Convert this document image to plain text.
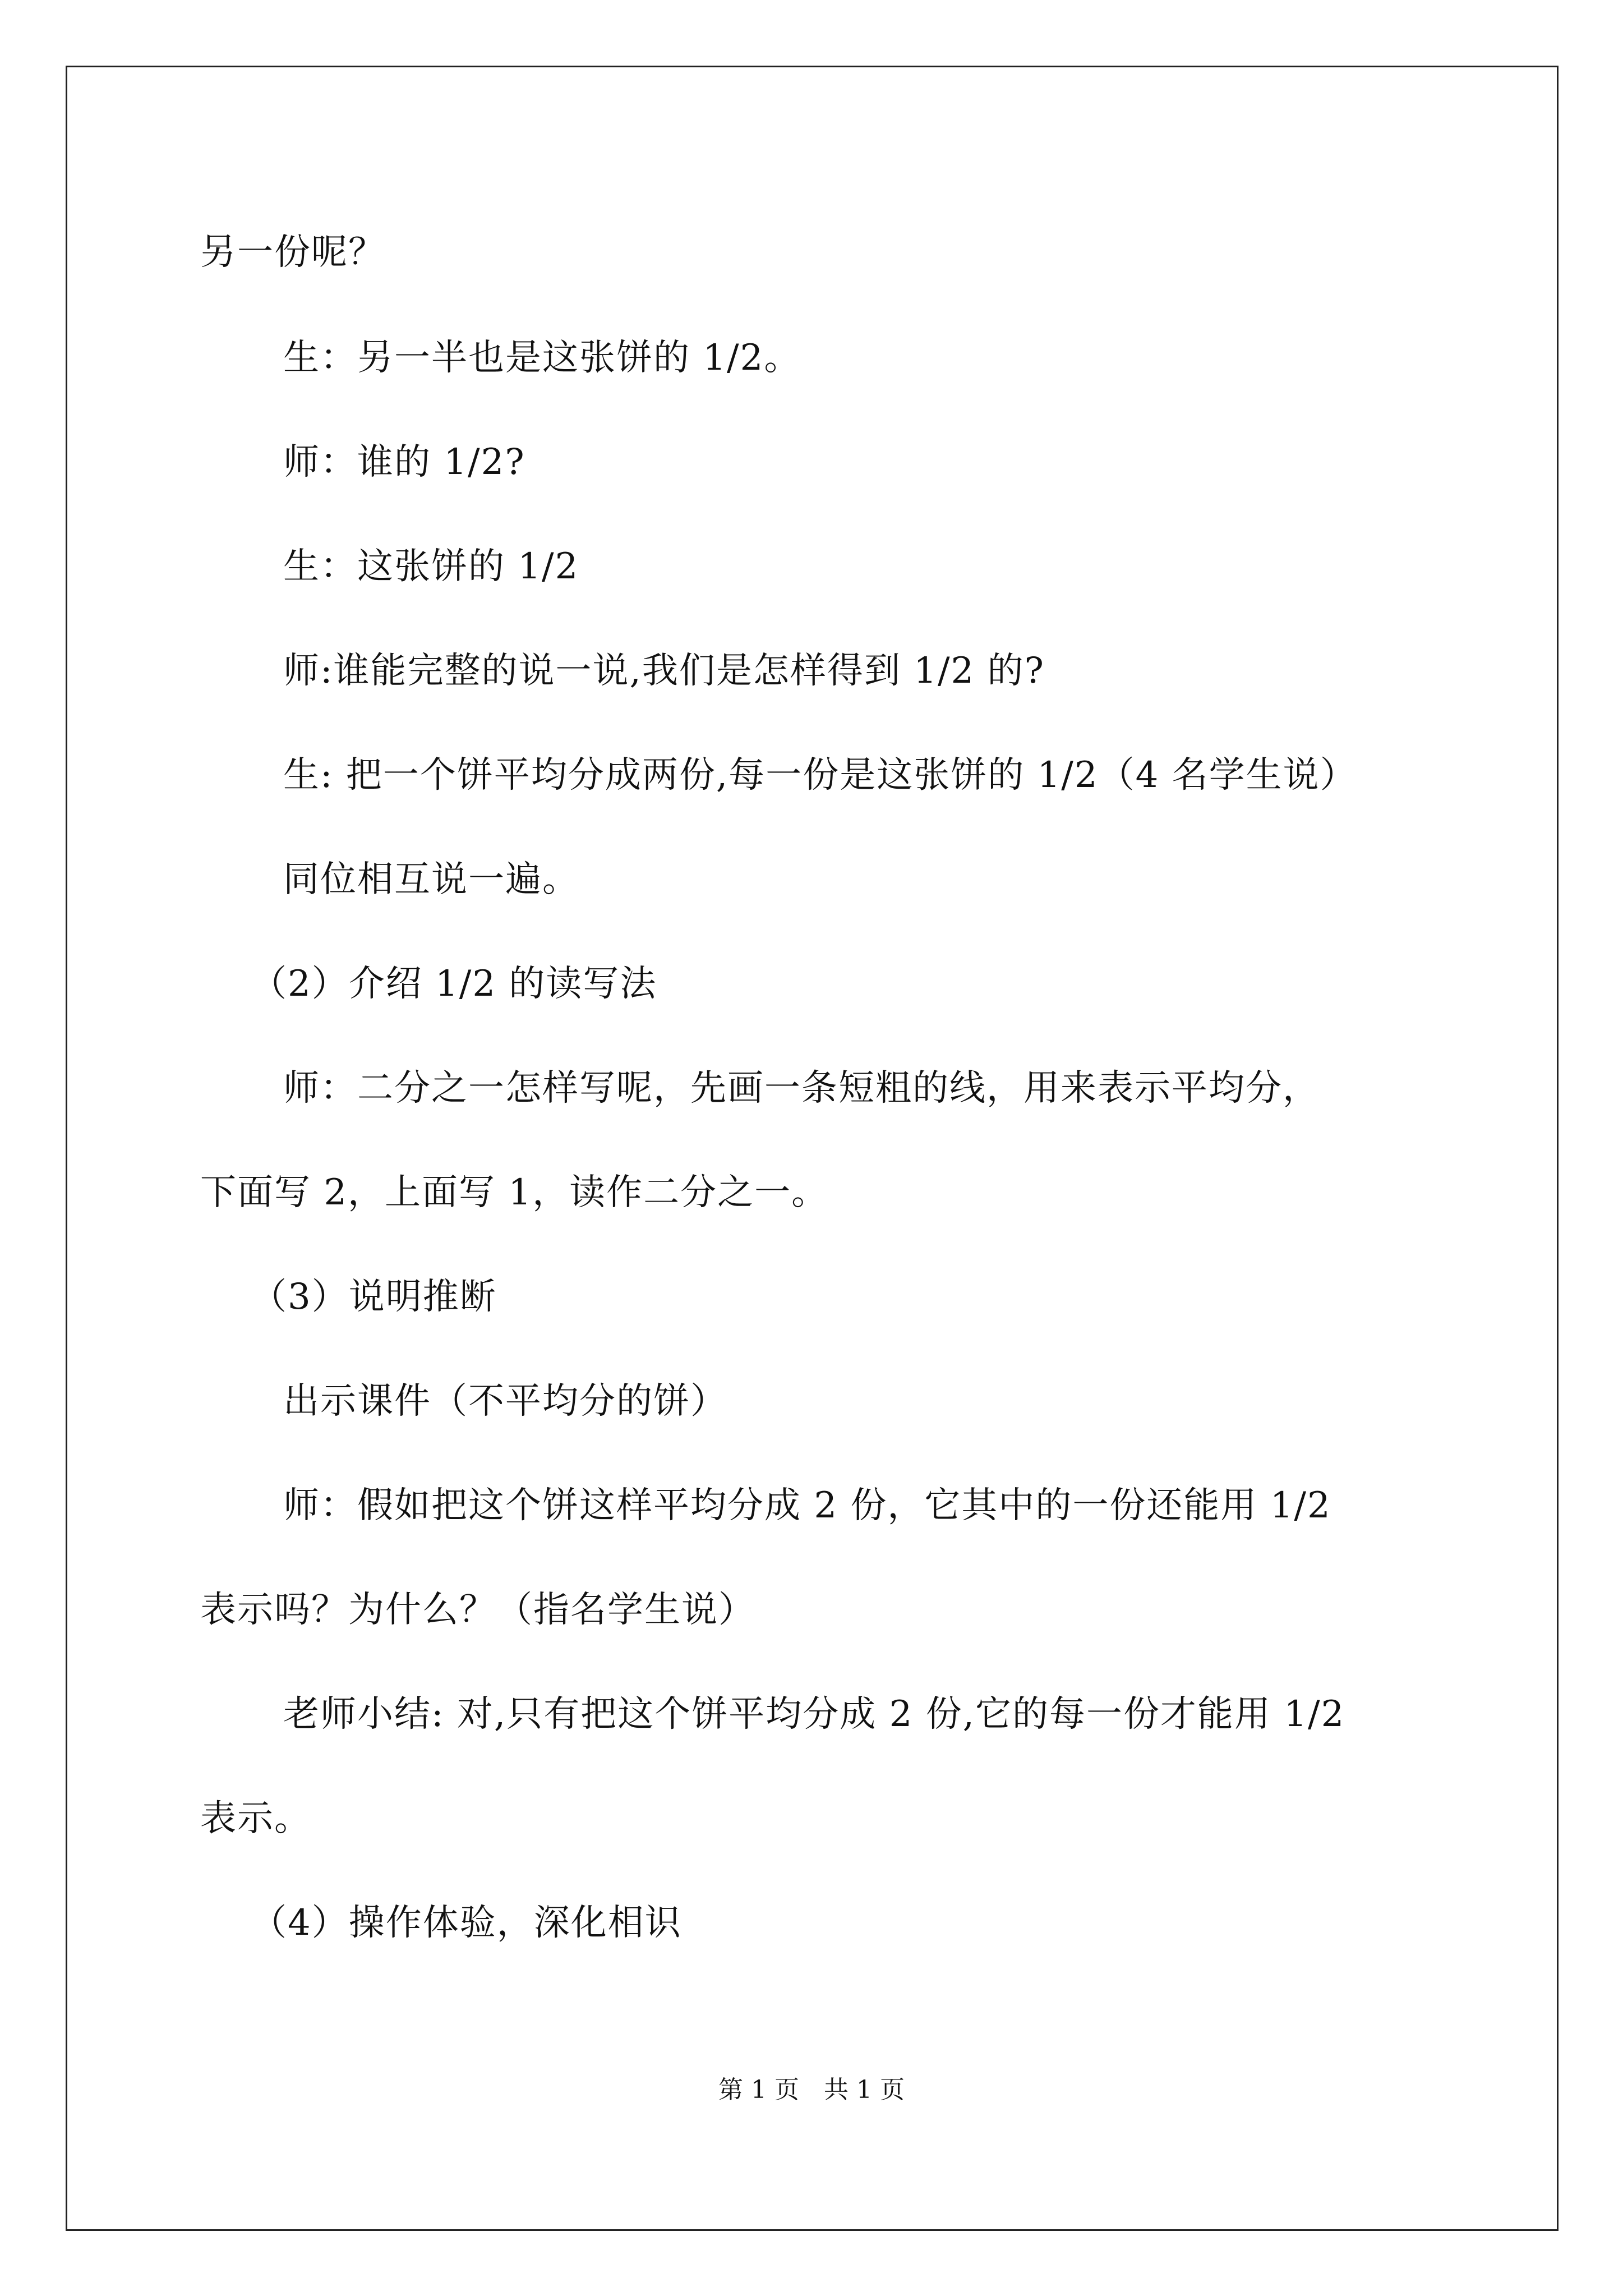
另一份呢？
生：另一半也是这张饼的 1/2。
师：谁的 1/2?
生：这张饼的 1/2
师:谁能完整的说一说,我们是怎样得到 1/2 的?
生: 把一个饼平均分成两份,每一份是这张饼的 1/2（4 名学生说）
同位相互说一遍。
（2）介绍 1/2 的读写法
师：二分之一怎样写呢，先画一条短粗的线，用来表示平均分，
下面写 2，上面写 1，读作二分之一。
（3）说明推断
出示课件（不平均分的饼）
师：假如把这个饼这样平均分成 2 份，它其中的一份还能用 1/2
表示吗？为什么？（指名学生说）
老师小结: 对,只有把这个饼平均分成 2 份,它的每一份才能用 1/2
表示。
（4）操作体验，深化相识
第 1 页　共 1 页
